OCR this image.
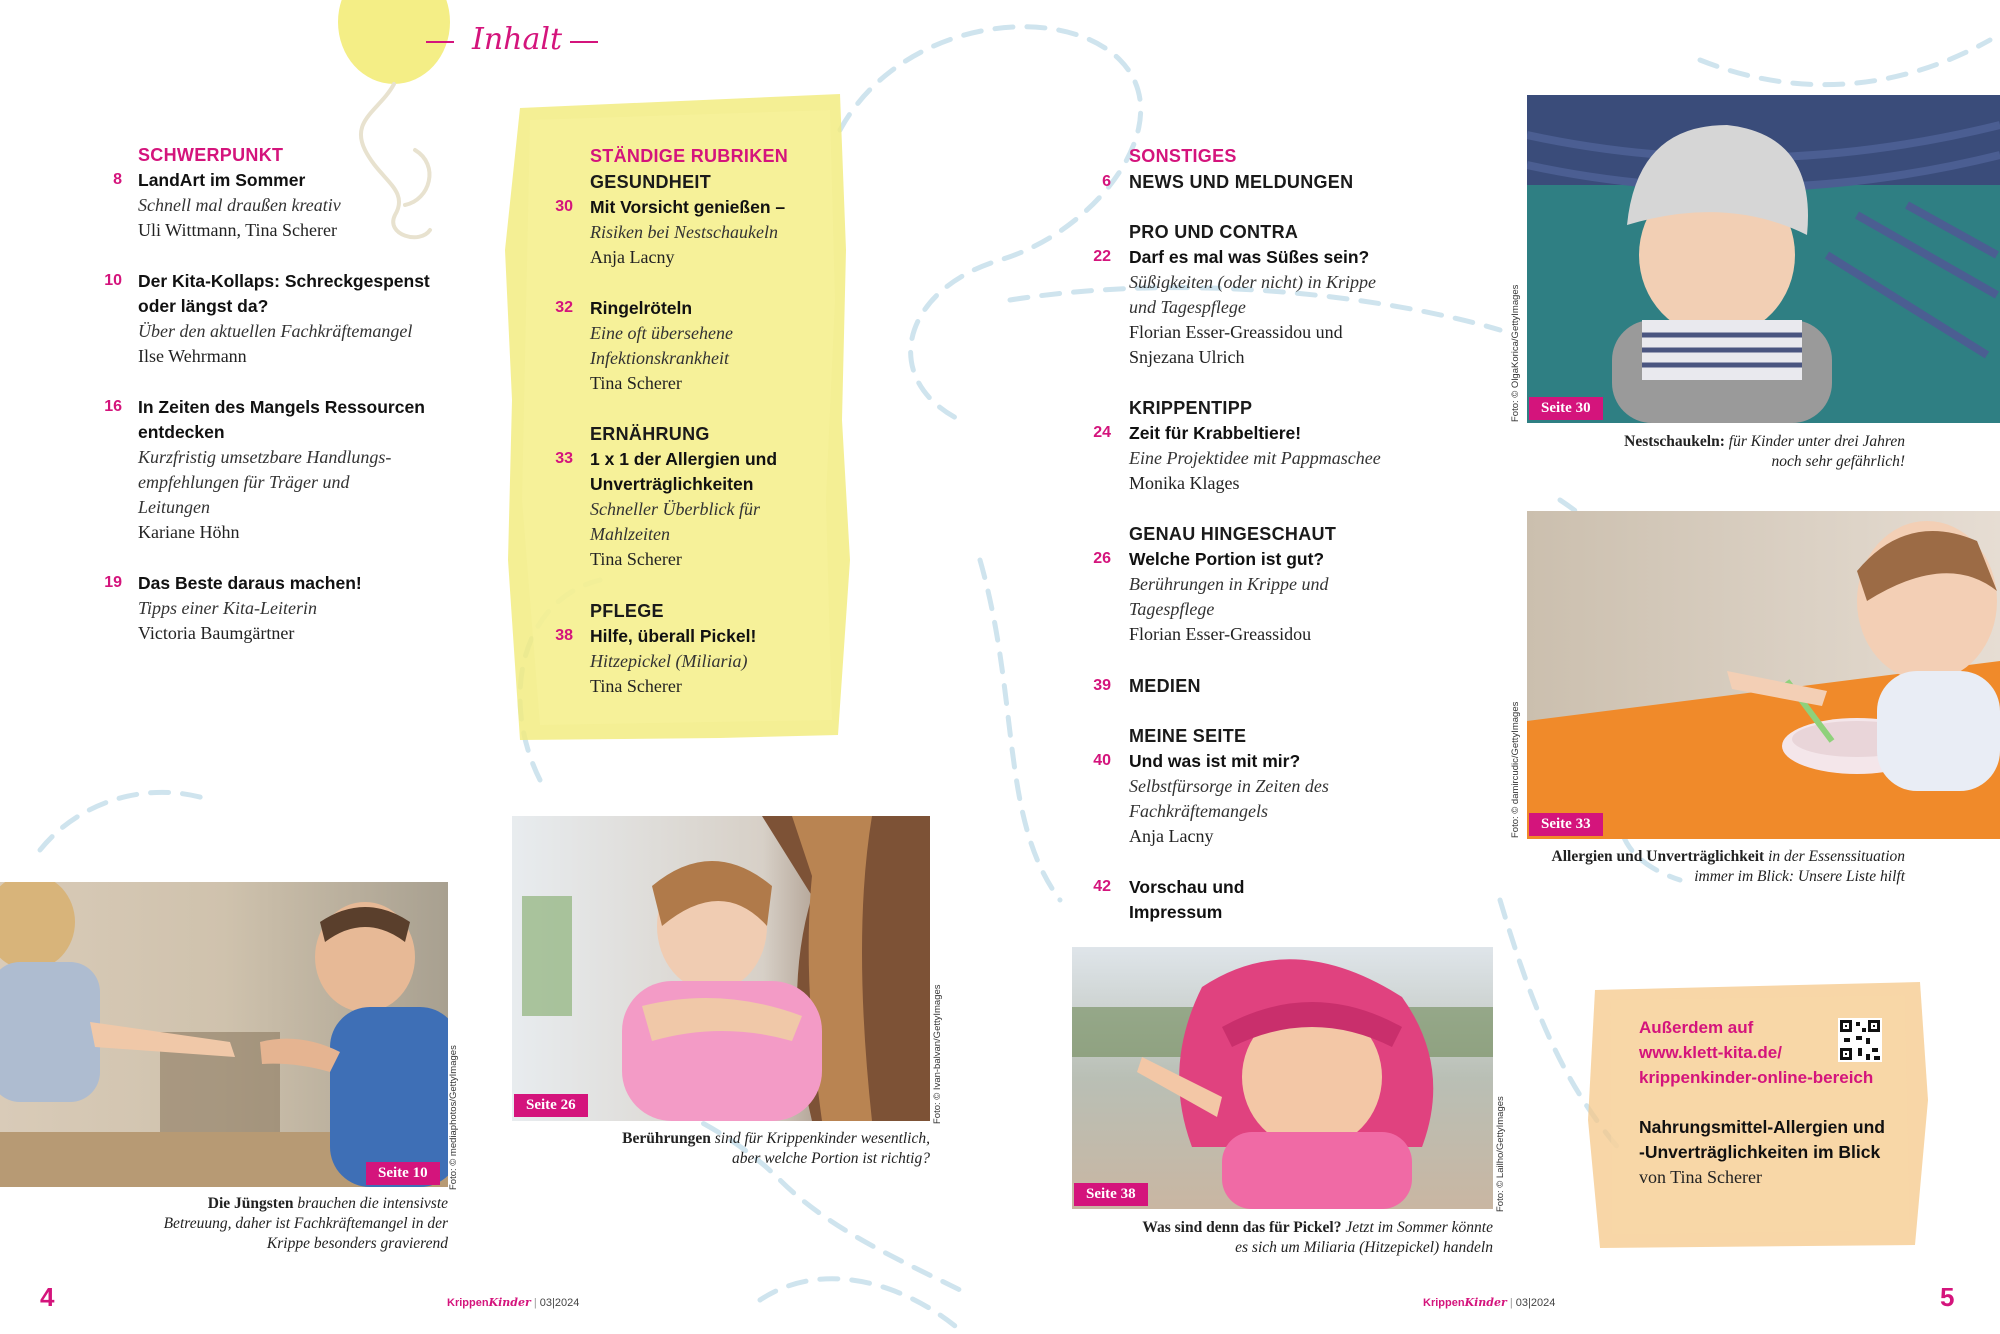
Inhalt
SCHWERPUNKT
8 LandArt im Sommer
Schnell mal draußen kreativ
Uli Wittmann, Tina Scherer
10 Der Kita-Kollaps: Schreckgespenst
oder längst da?
Über den aktuellen Fachkräftemangel
Ilse Wehrmann
16 In Zeiten des Mangels Ressourcen
entdecken
Kurzfristig umsetzbare Handlungs-
empfehlungen für Träger und
Leitungen
Kariane Höhn
19 Das Beste daraus machen!
Tipps einer Kita-Leiterin
Victoria Baumgärtner
STÄNDIGE RUBRIKEN
GESUNDHEIT
30 Mit Vorsicht genießen –
Risiken bei Nestschaukeln
Anja Lacny
32 Ringelröteln
Eine oft übersehene
Infektionskrankheit
Tina Scherer
ERNÄHRUNG
33 1 x 1 der Allergien und
Unverträglichkeiten
Schneller Überblick für
Mahlzeiten
Tina Scherer
PFLEGE
38 Hilfe, überall Pickel!
Hitzepickel (Miliaria)
Tina Scherer
SONSTIGES
6 NEWS UND MELDUNGEN
PRO UND CONTRA
22 Darf es mal was Süßes sein?
Süßigkeiten (oder nicht) in Krippe
und Tagespflege
Florian Esser-Greassidou und
Snjezana Ulrich
KRIPPENTIPP
24 Zeit für Krabbeltiere!
Eine Projektidee mit Pappmaschee
Monika Klages
GENAU HINGESCHAUT
26 Welche Portion ist gut?
Berührungen in Krippe und
Tagespflege
Florian Esser-Greassidou
39 MEDIEN
MEINE SEITE
40 Und was ist mit mir?
Selbstfürsorge in Zeiten des
Fachkräftemangels
Anja Lacny
42 Vorschau und
Impressum
Seite 10	Foto: © mediaphotos/GettyImages
Die Jüngsten brauchen die intensivste
Betreuung, daher ist Fachkräftemangel in der
Krippe besonders gravierend
Seite 26	Foto: © Ivan-balvan/GettyImages
Berührungen sind für Krippenkinder wesentlich,
aber welche Portion ist richtig?
Seite 38	Foto: © Lailho/GettyImages
Was sind denn das für Pickel? Jetzt im Sommer könnte
es sich um Miliaria (Hitzepickel) handeln
Seite 30
Foto: © OlgaKorica/GettyImages
Nestschaukeln: für Kinder unter drei Jahren
noch sehr gefährlich!
Seite 33
Foto: © damircudic/GettyImages
Allergien und Unverträglichkeit in der Essenssituation
immer im Blick: Unsere Liste hilft
Außerdem auf
www.klett-kita.de/
krippenkinder-online-bereich
Nahrungsmittel-Allergien und
-Unverträglichkeiten im Blick
von Tina Scherer
4	5
KrippenKinder | 03|2024	KrippenKinder | 03|2024
